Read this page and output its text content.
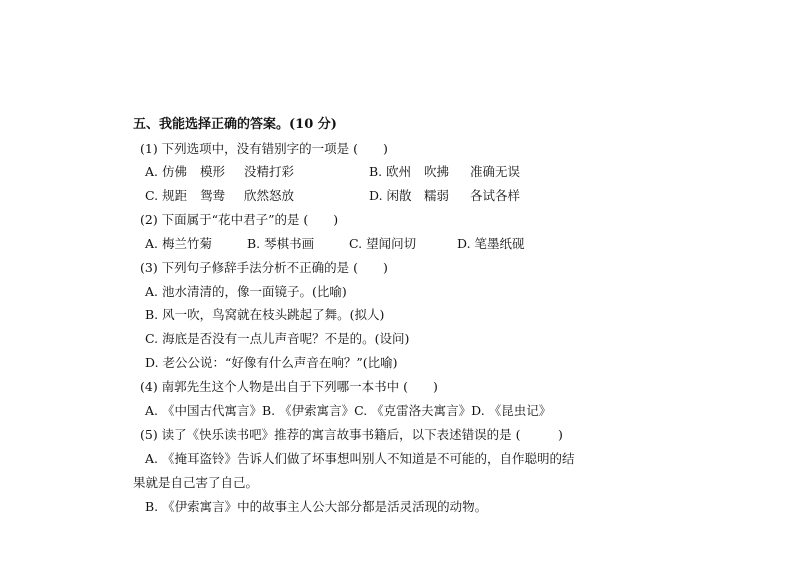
五、我能选择正确的答案。(10 分)
(1) 下列选项中，没有错别字的一项是 (　　)
A. 仿佛 模形 没精打彩	B. 欧州 吹拂 准确无误
C. 规距 鸳鸯 欣然怒放	D. 闲散 糯弱 各试各样
(2) 下面属于“花中君子”的是 (　　)
A. 梅兰竹菊	B. 琴棋书画	C. 望闻问切	D. 笔墨纸砚
(3) 下列句子修辞手法分析不正确的是 (　　)
A. 池水清清的，像一面镜子。(比喻)
B. 风一吹，鸟窝就在枝头跳起了舞。(拟人)
C. 海底是否没有一点儿声音呢？不是的。(设问)
D. 老公公说：“好像有什么声音在响？”(比喻)
(4) 南郭先生这个人物是出自于下列哪一本书中 (　　)
A. 《中国古代寓言》B. 《伊索寓言》C. 《克雷洛夫寓言》D. 《昆虫记》
(5) 读了《快乐读书吧》推荐的寓言故事书籍后，以下表述错误的是 (　　　)
A. 《掩耳盗铃》告诉人们做了坏事想叫别人不知道是不可能的，自作聪明的结
果就是自己害了自己。
B. 《伊索寓言》中的故事主人公大部分都是活灵活现的动物。
